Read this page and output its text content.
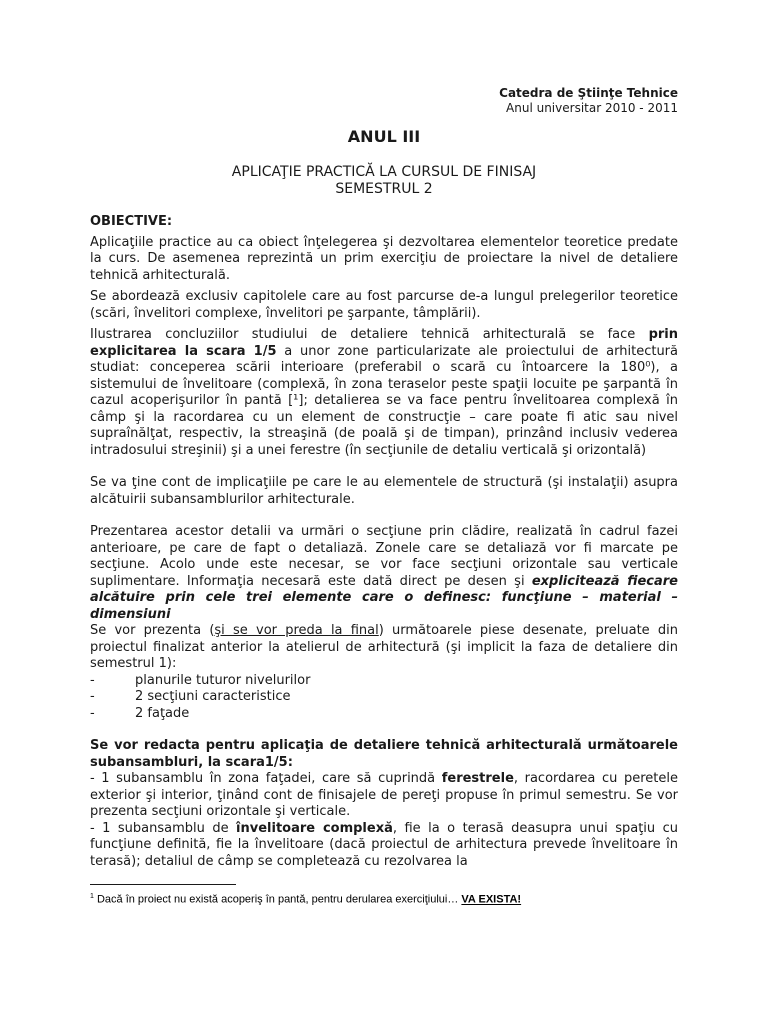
Catedra de Ştiinţe Tehnice
Anul universitar 2010 - 2011
ANUL III
APLICAŢIE PRACTICĂ LA CURSUL DE FINISAJ
SEMESTRUL 2
OBIECTIVE:

Aplicaţiile practice au ca obiect înţelegerea şi dezvoltarea elementelor teoretice predate la curs. De asemenea reprezintă un prim exerciţiu de proiectare la nivel de detaliere tehnică arhitecturală.

Se abordează exclusiv capitolele care au fost parcurse de-a lungul prelegerilor teoretice (scări, învelitori complexe, învelitori pe şarpante, tâmplării).

Ilustrarea concluziilor studiului de detaliere tehnică arhitecturală se face prin explicitarea la scara 1/5 a unor zone particularizate ale proiectului de arhitectură studiat: conceperea scării interioare (preferabil o scară cu întoarcere la 180⁰), a sistemului de învelitoare (complexă, în zona teraselor peste spaţii locuite pe şarpantă în cazul acoperişurilor în pantă [¹]; detalierea se va face pentru învelitoarea complexă în câmp şi la racordarea cu un element de construcţie – care poate fi atic sau nivel supraînălţat, respectiv, la streaşină (de poală şi de timpan), prinzând inclusiv vederea intradosului streşinii) şi a unei ferestre (în secţiunile de detaliu verticală şi orizontală)

Se va ţine cont de implicaţiile pe care le au elementele de structură (şi instalaţii) asupra alcătuirii subansamblurilor arhitecturale.

Prezentarea acestor detalii va urmări o secţiune prin clădire, realizată în cadrul fazei anterioare, pe care de fapt o detaliază. Zonele care se detaliază vor fi marcate pe secţiune. Acolo unde este necesar, se vor face secţiuni orizontale sau verticale suplimentare. Informaţia necesară este dată direct pe desen şi explicitează fiecare alcătuire prin cele trei elemente care o definesc: funcţiune – material – dimensiuni

Se vor prezenta (şi se vor preda la final) următoarele piese desenate, preluate din proiectul finalizat anterior la atelierul de arhitectură (şi implicit la faza de detaliere din semestrul 1):

-	planurile tuturor nivelurilor
-	2 secţiuni caracteristice
-	2 faţade

Se vor redacta pentru aplicaţia de detaliere tehnică arhitecturală următoarele subansambluri, la scara1/5:

- 1 subansamblu în zona faţadei, care să cuprindă ferestrele, racordarea cu peretele exterior şi interior, ţinând cont de finisajele de pereţi propuse în primul semestru. Se vor prezenta secţiuni orizontale şi verticale.

- 1 subansamblu de învelitoare complexă, fie la o terasă deasupra unui spaţiu cu funcţiune definită, fie la învelitoare (dacă proiectul de arhitectura prevede învelitoare în terasă); detaliul de câmp se completează cu rezolvarea la

$^1$ Dacă în proiect nu există acoperiş în pantă, pentru derularea exerciţiului… VA EXISTA!
